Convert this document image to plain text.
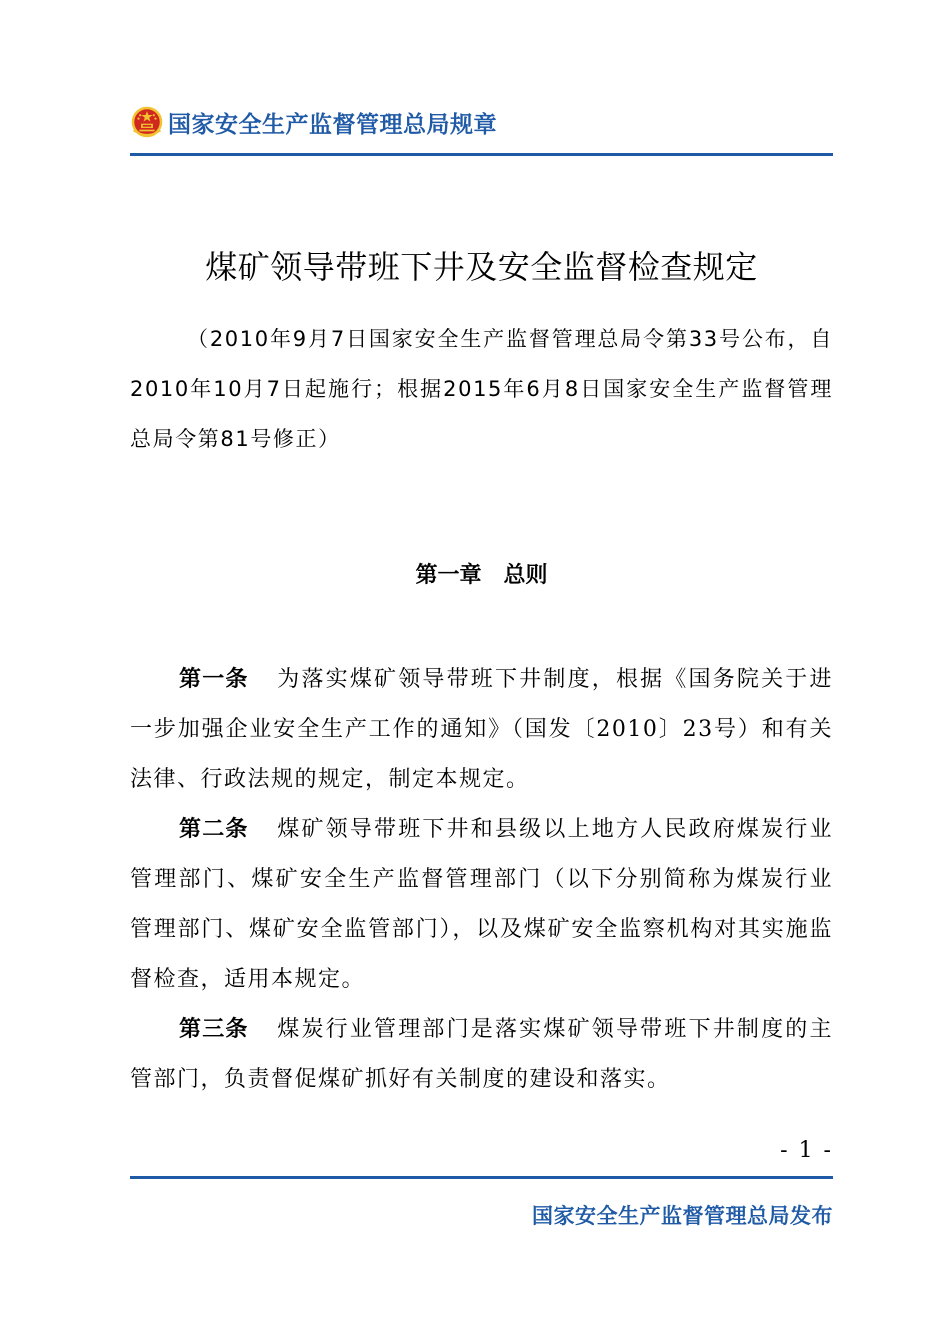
国家安全生产监督管理总局规章
煤矿领导带班下井及安全监督检查规定

（2010年9月7日国家安全生产监督管理总局令第33号公布，自2010年10月7日起施行；根据2015年6月8日国家安全生产监督管理总局令第81号修正）

第一章　总则

第一条 为落实煤矿领导带班下井制度，根据《国务院关于进一步加强企业安全生产工作的通知》（国发〔2010〕23号）和有关法律、行政法规的规定，制定本规定。

第二条 煤矿领导带班下井和县级以上地方人民政府煤炭行业管理部门、煤矿安全生产监督管理部门（以下分别简称为煤炭行业管理部门、煤矿安全监管部门），以及煤矿安全监察机构对其实施监督检查，适用本规定。

第三条 煤炭行业管理部门是落实煤矿领导带班下井制度的主管部门，负责督促煤矿抓好有关制度的建设和落实。

- 1 -
国家安全生产监督管理总局发布
